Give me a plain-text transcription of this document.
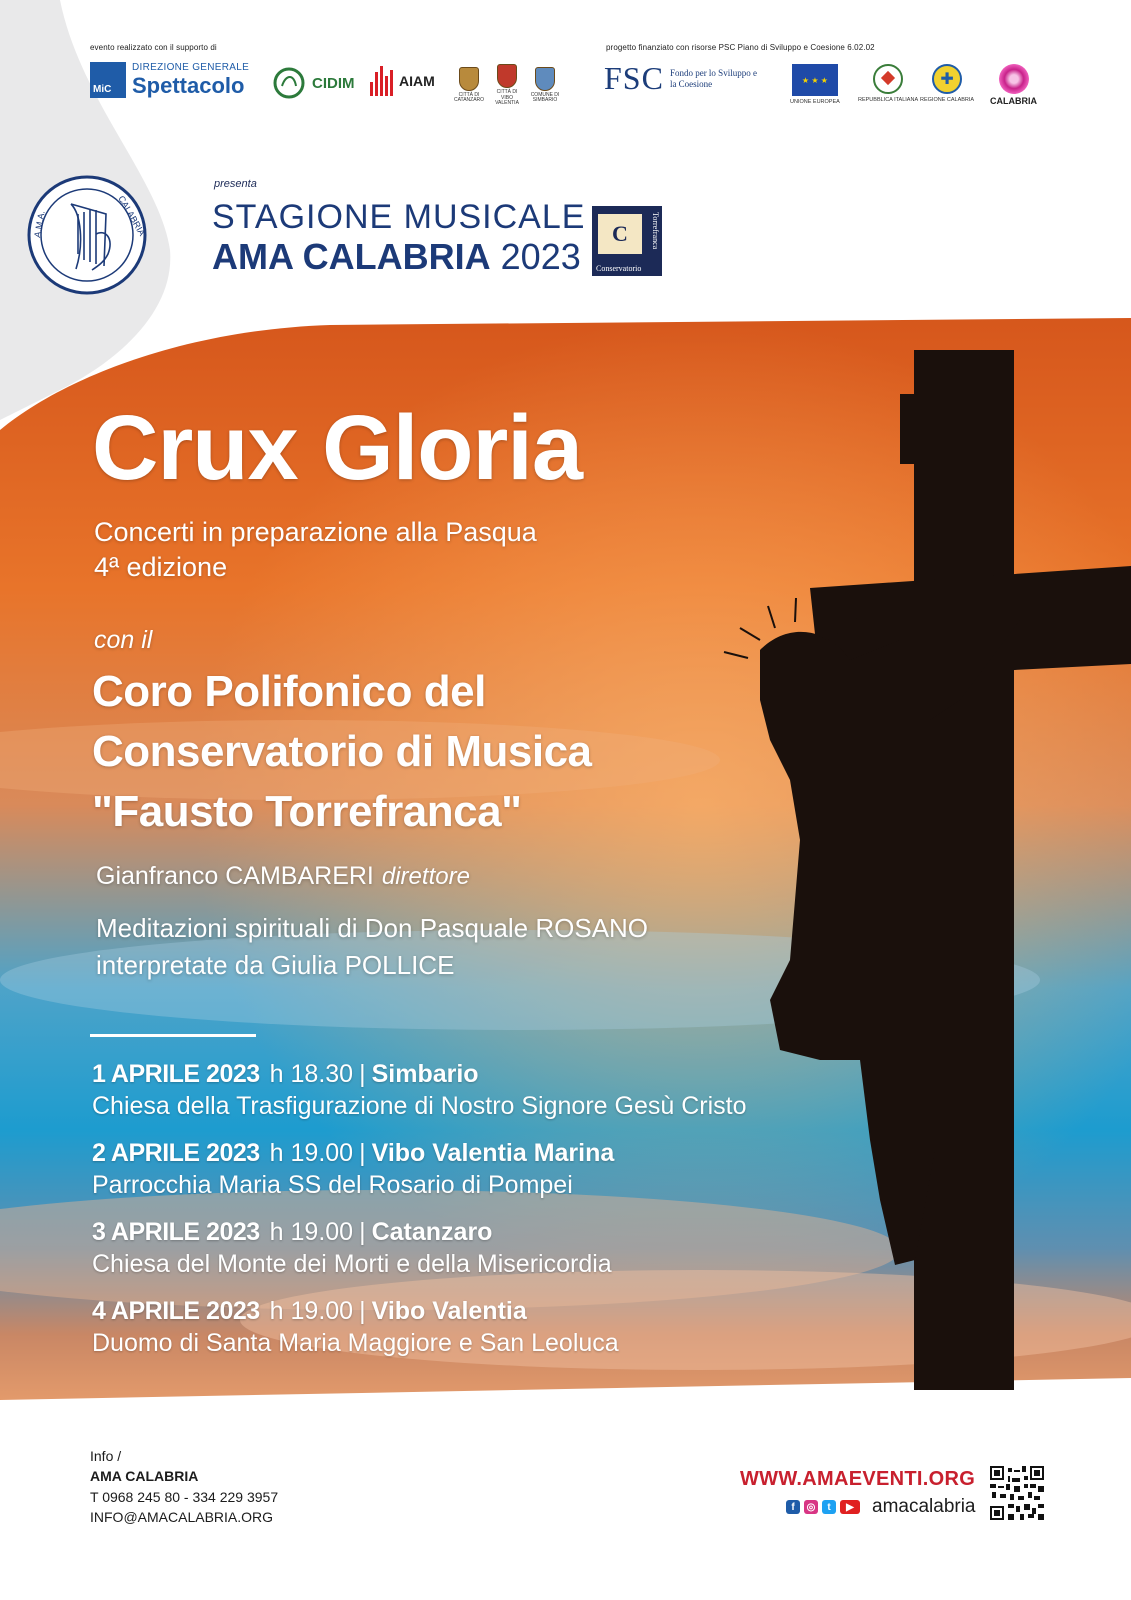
evento realizzato con il supporto di	progetto finanziato con risorse PSC Piano di Sviluppo e Coesione 6.02.02
MiC
DIREZIONE GENERALE
Spettacolo	CIDIM	AIAM
CITTÀ DI CATANZARO
CITTÀ DI VIBO VALENTIA
COMUNE DI SIMBARIO
FSC Fondo per lo Sviluppo e la Coesione	★ ★ ★
UNIONE EUROPEA	REPUBBLICA ITALIANA
✚
REGIONE CALABRIA CALABRIA
A.M.A.	CALABRIA
presenta
STAGIONE MUSICALE
AMA CALABRIA 2023
C	Torrefranca
Conservatorio
Crux Gloria
Concerti in preparazione alla Pasqua
4ª edizione
con il
Coro Polifonico del
Conservatorio di Musica
"Fausto Torrefranca"
Gianfranco CAMBARERI direttore
Meditazioni spirituali di Don Pasquale ROSANO
interpretate da Giulia POLLICE
1 APRILE 2023 h 18.30 | Simbario
Chiesa della Trasfigurazione di Nostro Signore Gesù Cristo
2 APRILE 2023 h 19.00 | Vibo Valentia Marina
Parrocchia Maria SS del Rosario di Pompei
3 APRILE 2023 h 19.00 | Catanzaro
Chiesa del Monte dei Morti e della Misericordia
4 APRILE 2023 h 19.00 | Vibo Valentia
Duomo di Santa Maria Maggiore e San Leoluca
Info /
AMA CALABRIA
T 0968 245 80 - 334 229 3957
INFO@AMACALABRIA.ORG
WWW.AMAEVENTI.ORG
f	◎	t	▶ amacalabria
